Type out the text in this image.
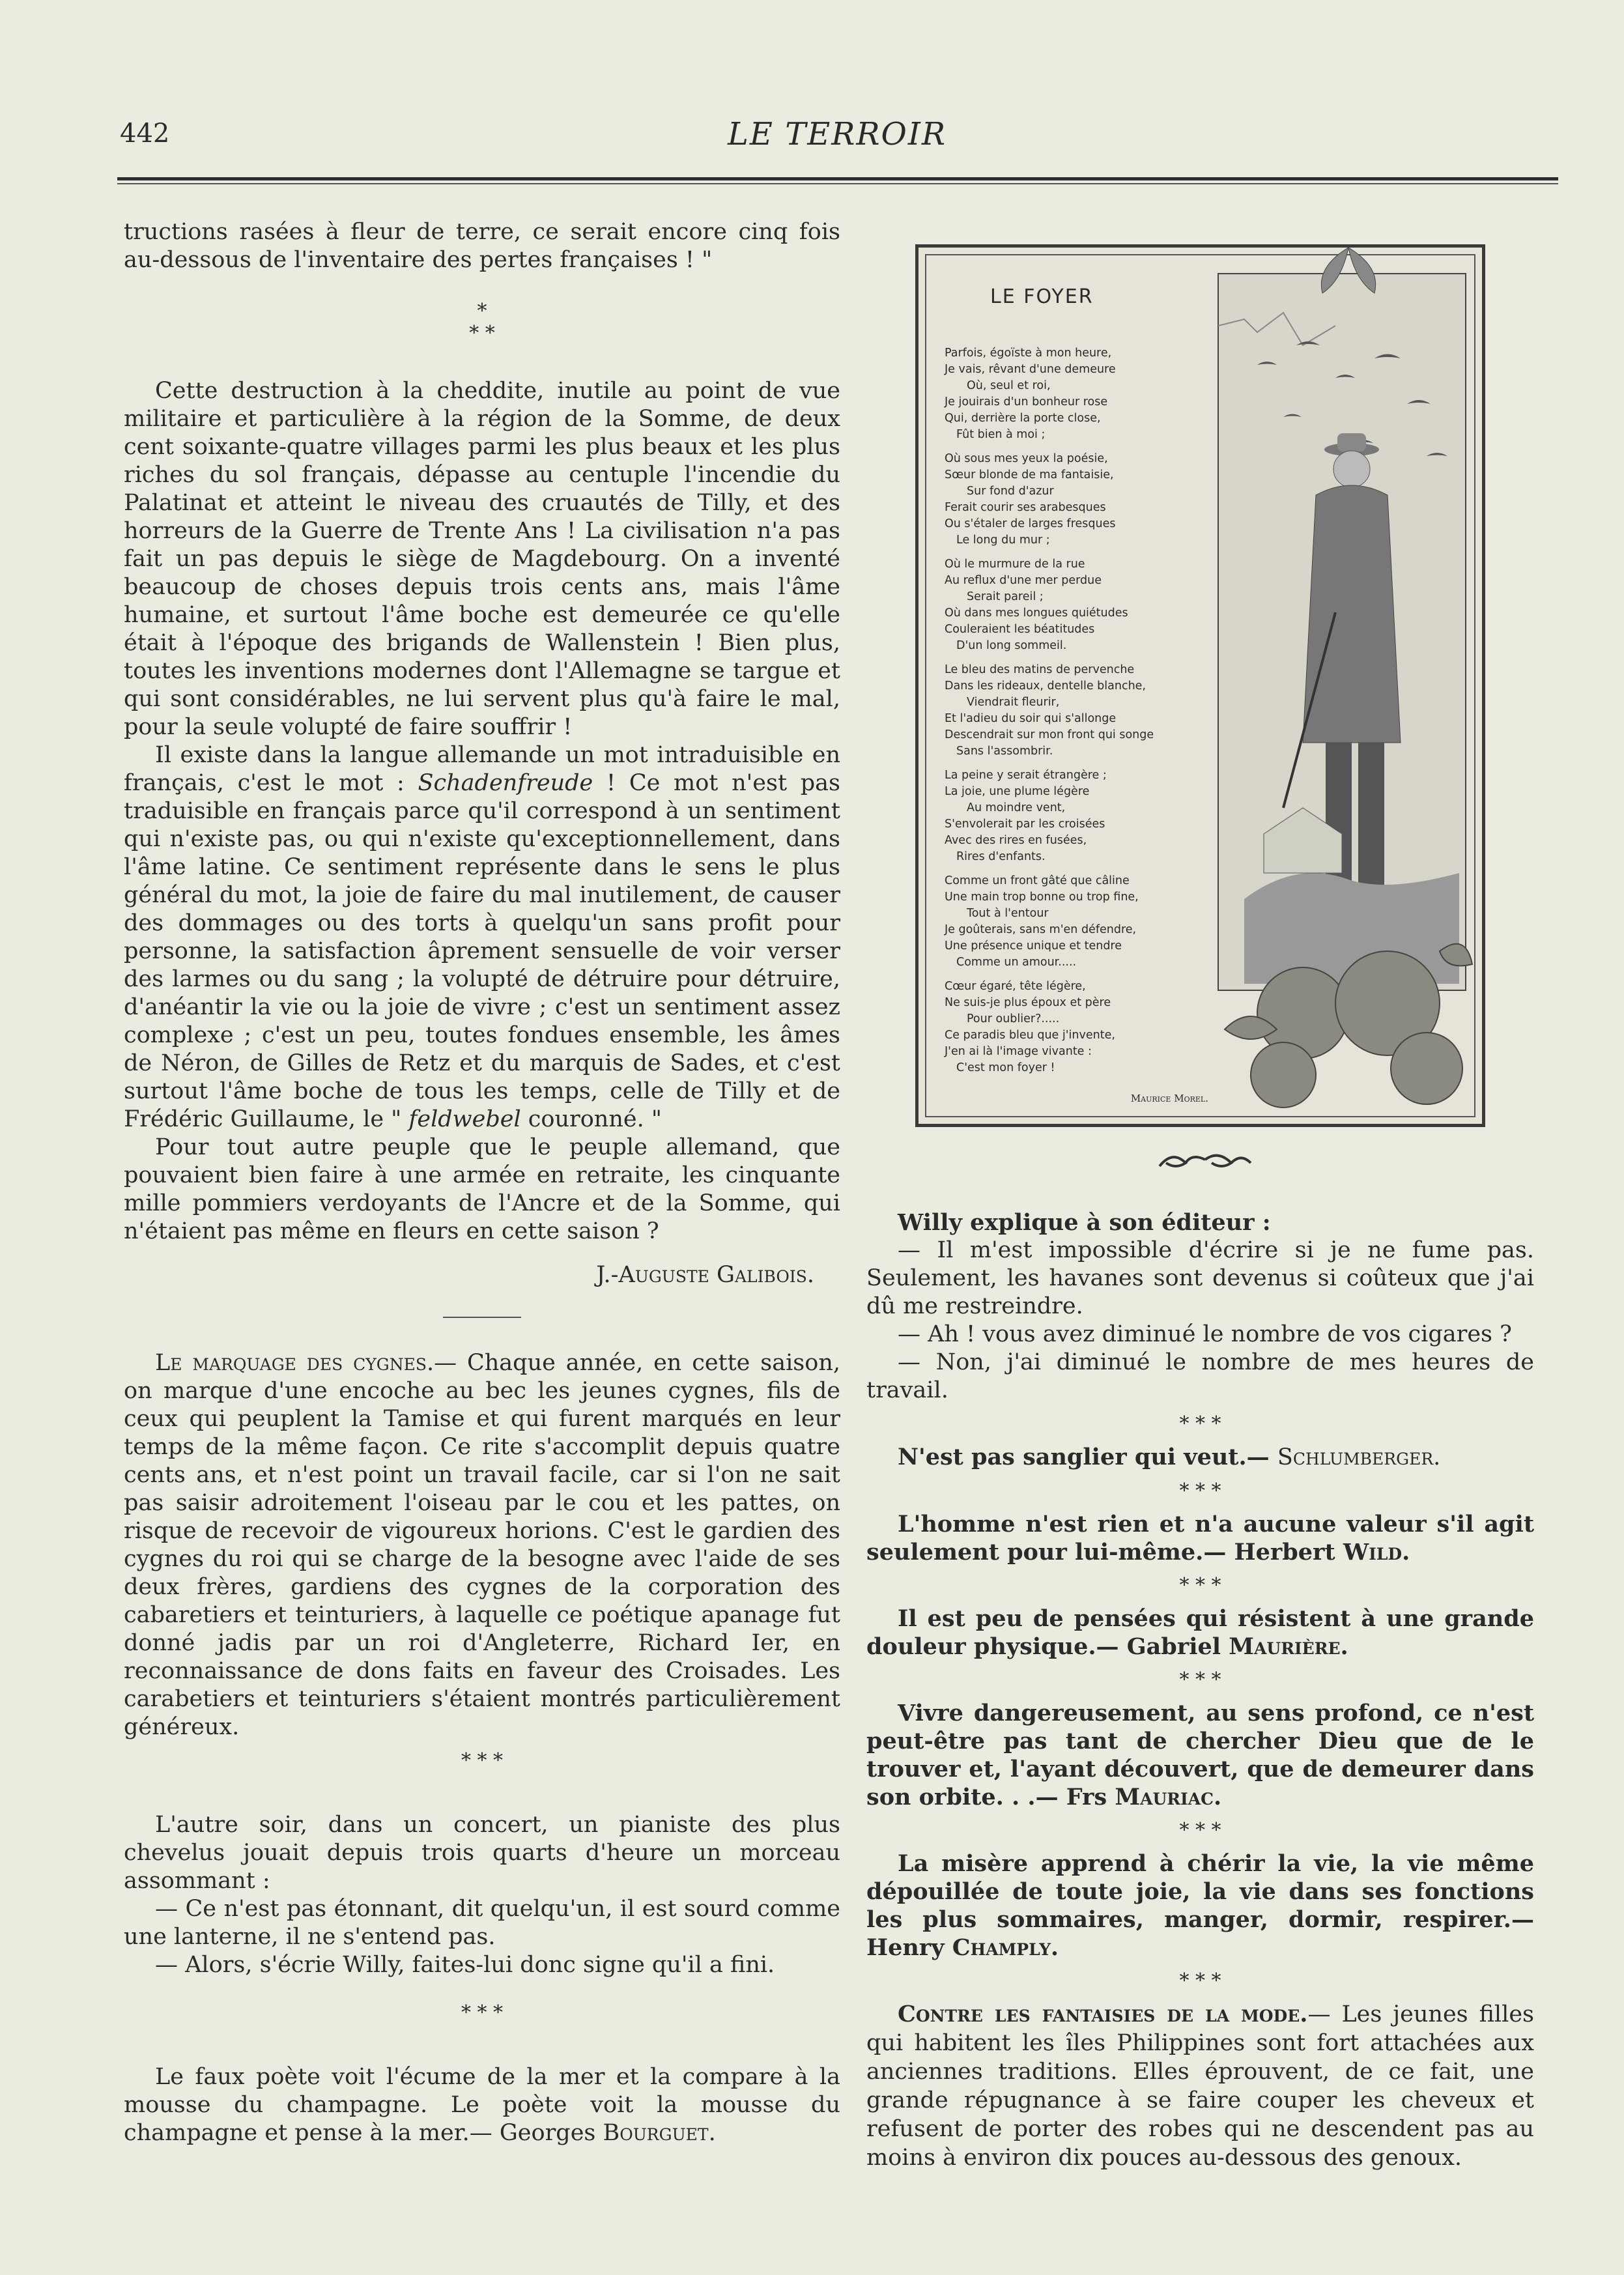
442	LE TERROIR

tructions rasées à fleur de terre, ce serait encore cinq fois au-dessous de l'inventaire des pertes françaises ! "

*
* *

Cette destruction à la cheddite, inutile au point de vue militaire et particulière à la région de la Somme, de deux cent soixante-quatre villages parmi les plus beaux et les plus riches du sol français, dépasse au centuple l'incendie du Palatinat et atteint le niveau des cruautés de Tilly, et des horreurs de la Guerre de Trente Ans ! La civilisation n'a pas fait un pas depuis le siège de Magdebourg. On a inventé beaucoup de choses depuis trois cents ans, mais l'âme humaine, et surtout l'âme boche est demeurée ce qu'elle était à l'époque des brigands de Wallenstein ! Bien plus, toutes les inventions modernes dont l'Allemagne se targue et qui sont considérables, ne lui servent plus qu'à faire le mal, pour la seule volupté de faire souffrir !

Il existe dans la langue allemande un mot intraduisible en français, c'est le mot : Schadenfreude ! Ce mot n'est pas traduisible en français parce qu'il correspond à un sentiment qui n'existe pas, ou qui n'existe qu'exceptionnellement, dans l'âme latine. Ce sentiment représente dans le sens le plus général du mot, la joie de faire du mal inutilement, de causer des dommages ou des torts à quelqu'un sans profit pour personne, la satisfaction âprement sensuelle de voir verser des larmes ou du sang ; la volupté de détruire pour détruire, d'anéantir la vie ou la joie de vivre ; c'est un sentiment assez complexe ; c'est un peu, toutes fondues ensemble, les âmes de Néron, de Gilles de Retz et du marquis de Sades, et c'est surtout l'âme boche de tous les temps, celle de Tilly et de Frédéric Guillaume, le " feldwebel couronné. "

Pour tout autre peuple que le peuple allemand, que pouvaient bien faire à une armée en retraite, les cinquante mille pommiers verdoyants de l'Ancre et de la Somme, qui n'étaient pas même en fleurs en cette saison ?

J.-Auguste Galibois.

Le marquage des cygnes.— Chaque année, en cette saison, on marque d'une encoche au bec les jeunes cygnes, fils de ceux qui peuplent la Tamise et qui furent marqués en leur temps de la même façon. Ce rite s'accomplit depuis quatre cents ans, et n'est point un travail facile, car si l'on ne sait pas saisir adroitement l'oiseau par le cou et les pattes, on risque de recevoir de vigoureux horions. C'est le gardien des cygnes du roi qui se charge de la besogne avec l'aide de ses deux frères, gardiens des cygnes de la corporation des cabaretiers et teinturiers, à laquelle ce poétique apanage fut donné jadis par un roi d'Angleterre, Richard Ier, en reconnaissance de dons faits en faveur des Croisades. Les carabetiers et teinturiers s'étaient montrés particulièrement généreux.

* * *

L'autre soir, dans un concert, un pianiste des plus chevelus jouait depuis trois quarts d'heure un morceau assommant :

— Ce n'est pas étonnant, dit quelqu'un, il est sourd comme une lanterne, il ne s'entend pas.

— Alors, s'écrie Willy, faites-lui donc signe qu'il a fini.

* * *

Le faux poète voit l'écume de la mer et la compare à la mousse du champagne. Le poète voit la mousse du champagne et pense à la mer.— Georges Bourguet.

LE FOYER
Parfois, égoïste à mon heure,
Je vais, rêvant d'une demeure
Où, seul et roi,
Je jouirais d'un bonheur rose
Qui, derrière la porte close,
Fût bien à moi ;
Où sous mes yeux la poésie,
Sœur blonde de ma fantaisie,
Sur fond d'azur
Ferait courir ses arabesques
Ou s'étaler de larges fresques
Le long du mur ;
Où le murmure de la rue
Au reflux d'une mer perdue
Serait pareil ;
Où dans mes longues quiétudes
Couleraient les béatitudes
D'un long sommeil.
Le bleu des matins de pervenche
Dans les rideaux, dentelle blanche,
Viendrait fleurir,
Et l'adieu du soir qui s'allonge
Descendrait sur mon front qui songe
Sans l'assombrir.
La peine y serait étrangère ;
La joie, une plume légère
Au moindre vent,
S'envolerait par les croisées
Avec des rires en fusées,
Rires d'enfants.
Comme un front gâté que câline
Une main trop bonne ou trop fine,
Tout à l'entour
Je goûterais, sans m'en défendre,
Une présence unique et tendre
Comme un amour.....
Cœur égaré, tête légère,
Ne suis-je plus époux et père
Pour oublier?.....
Ce paradis bleu que j'invente,
J'en ai là l'image vivante :
C'est mon foyer !
Maurice Morel.

Willy explique à son éditeur :

— Il m'est impossible d'écrire si je ne fume pas. Seulement, les havanes sont devenus si coûteux que j'ai dû me restreindre.

— Ah ! vous avez diminué le nombre de vos cigares ?

— Non, j'ai diminué le nombre de mes heures de travail.

* * *

N'est pas sanglier qui veut.— Schlumberger.

* * *

L'homme n'est rien et n'a aucune valeur s'il agit seulement pour lui-même.— Herbert Wild.

* * *

Il est peu de pensées qui résistent à une grande douleur physique.— Gabriel Maurière.

* * *

Vivre dangereusement, au sens profond, ce n'est peut-être pas tant de chercher Dieu que de le trouver et, l'ayant découvert, que de demeurer dans son orbite. . .— Frs Mauriac.

* * *

La misère apprend à chérir la vie, la vie même dépouillée de toute joie, la vie dans ses fonctions les plus sommaires, manger, dormir, respirer.— Henry Champly.

* * *

Contre les fantaisies de la mode.— Les jeunes filles qui habitent les îles Philippines sont fort attachées aux anciennes traditions. Elles éprouvent, de ce fait, une grande répugnance à se faire couper les cheveux et refusent de porter des robes qui ne descendent pas au moins à environ dix pouces au-dessous des genoux.
